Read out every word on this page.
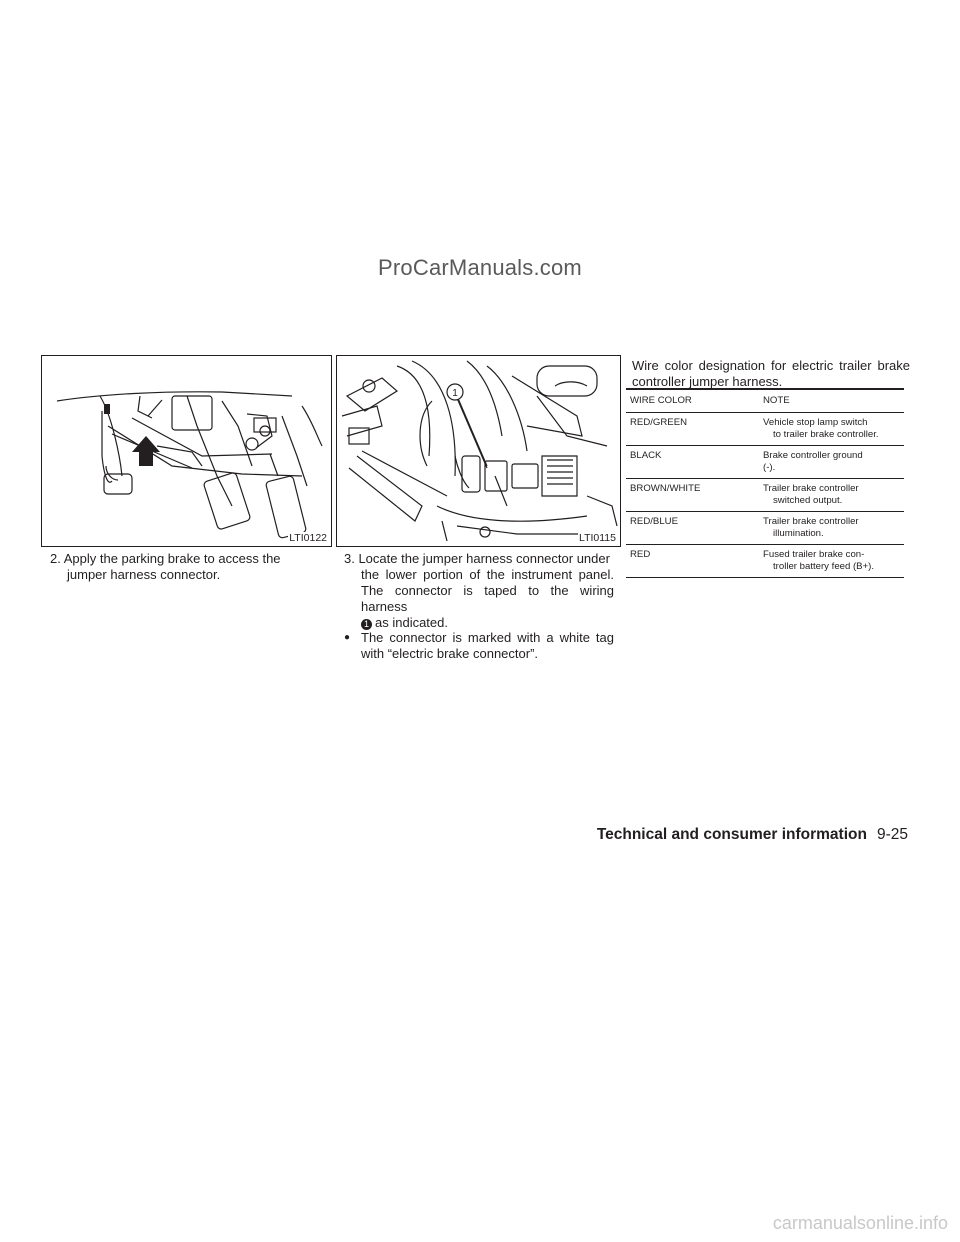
ProCarManuals.com
LTI0122
1
LTI0115
2. Apply the parking brake to access the
jumper harness connector.
3. Locate the jumper harness connector under
the lower portion of the instrument panel. The connector is taped to the wiring harness
1 as indicated.
● The connector is marked with a white tag with “electric brake connector”.
Wire color designation for electric trailer brake controller jumper harness.
WIRE COLOR	NOTE
RED/GREEN	Vehicle stop lamp switch
to trailer brake controller.

BLACK	Brake controller ground
(-).
BROWN/WHITE	Trailer brake controller
switched output.

RED/BLUE	Trailer brake controller
illumination.

RED	Fused trailer brake con-
troller battery feed (B+).
Technical and consumer information 9-25
carmanualsonline.info
